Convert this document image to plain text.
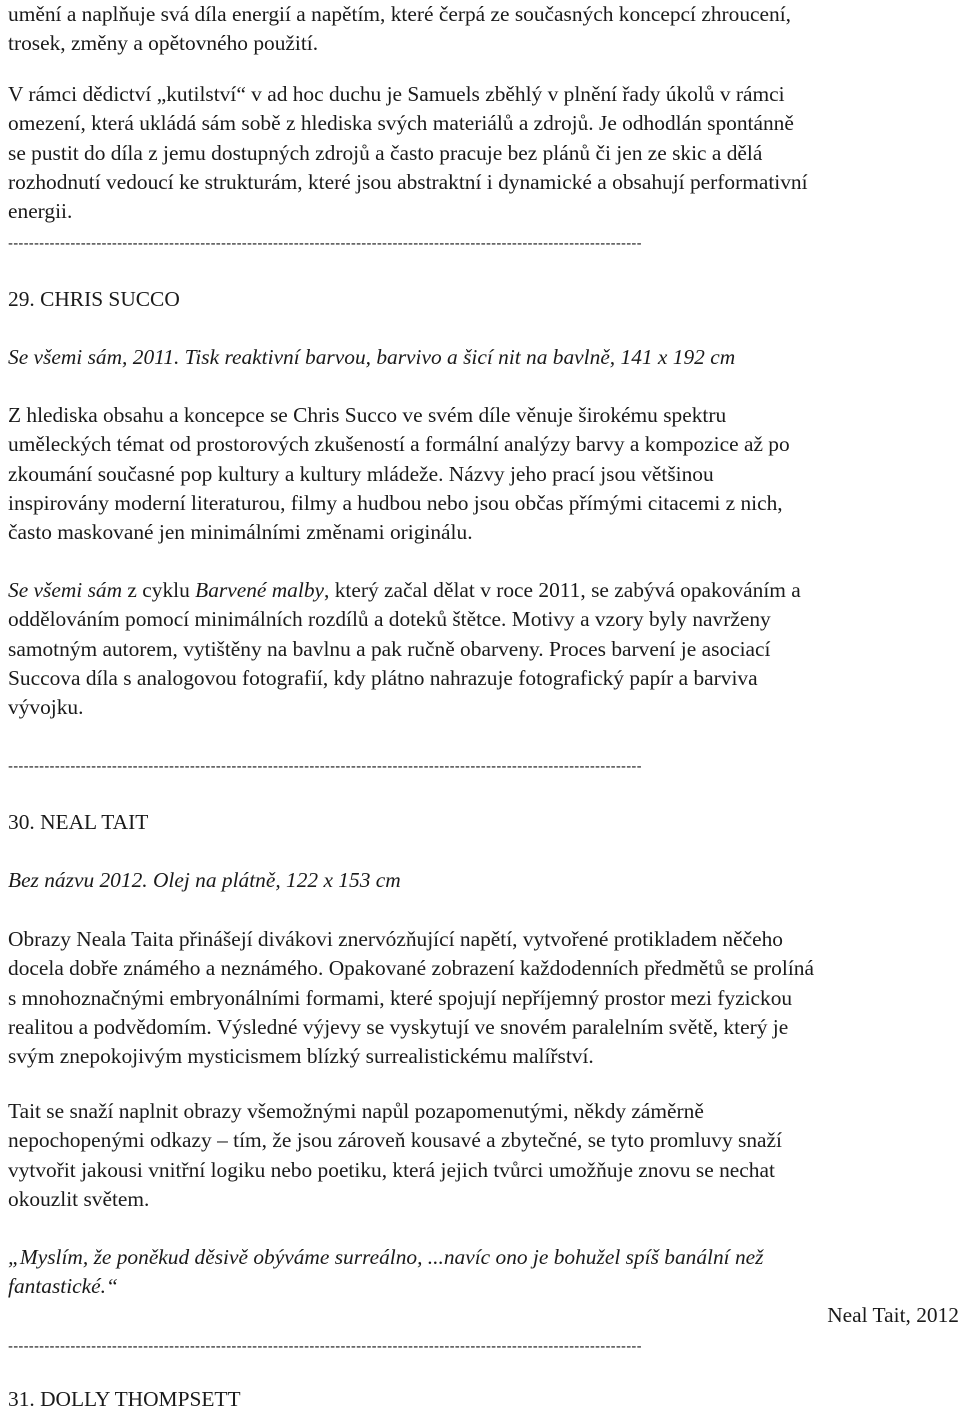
umění a naplňuje svá díla energií a napětím, které čerpá ze současných koncepcí zhroucení,
trosek, změny a opětovného použití.

V rámci dědictví „kutilství“ v ad hoc duchu je Samuels zběhlý v plnění řady úkolů v rámci
omezení, která ukládá sám sobě z hlediska svých materiálů a zdrojů. Je odhodlán spontánně
se pustit do díla z jemu dostupných zdrojů a často pracuje bez plánů či jen ze skic a dělá
rozhodnutí vedoucí ke strukturám, které jsou abstraktní i dynamické a obsahují performativní
energii.

--------------------------------------------------------------------------------------------------------------------------
29. CHRIS SUCCO

Se všemi sám, 2011. Tisk reaktivní barvou, barvivo a šicí nit na bavlně, 141 x 192 cm

Z hlediska obsahu a koncepce se Chris Succo ve svém díle věnuje širokému spektru
uměleckých témat od prostorových zkušeností a formální analýzy barvy a kompozice až po
zkoumání současné pop kultury a kultury mládeže. Názvy jeho prací jsou většinou
inspirovány moderní literaturou, filmy a hudbou nebo jsou občas přímými citacemi z nich,
často maskované jen minimálními změnami originálu.

Se všemi sám z cyklu Barvené malby, který začal dělat v roce 2011, se zabývá opakováním a
oddělováním pomocí minimálních rozdílů a doteků štětce. Motivy a vzory byly navrženy
samotným autorem, vytištěny na bavlnu a pak ručně obarveny. Proces barvení je asociací
Succova díla s analogovou fotografií, kdy plátno nahrazuje fotografický papír a barviva
vývojku.

--------------------------------------------------------------------------------------------------------------------------
30. NEAL TAIT

Bez názvu 2012. Olej na plátně, 122 x 153 cm

Obrazy Neala Taita přinášejí divákovi znervózňující napětí, vytvořené protikladem něčeho
docela dobře známého a neznámého. Opakované zobrazení každodenních předmětů se prolíná
s mnohoznačnými embryonálními formami, které spojují nepříjemný prostor mezi fyzickou
realitou a podvědomím. Výsledné výjevy se vyskytují ve snovém paralelním světě, který je
svým znepokojivým mysticismem blízký surrealistickému malířství.

Tait se snaží naplnit obrazy všemožnými napůl pozapomenutými, někdy záměrně
nepochopenými odkazy – tím, že jsou zároveň kousavé a zbytečné, se tyto promluvy snaží
vytvořit jakousi vnitřní logiku nebo poetiku, která jejich tvůrci umožňuje znovu se nechat
okouzlit světem.

„Myslím, že poněkud děsivě obýváme surreálno, ...navíc ono je bohužel spíš banální než
fantastické.“

Neal Tait, 2012

--------------------------------------------------------------------------------------------------------------------------
31. DOLLY THOMPSETT
